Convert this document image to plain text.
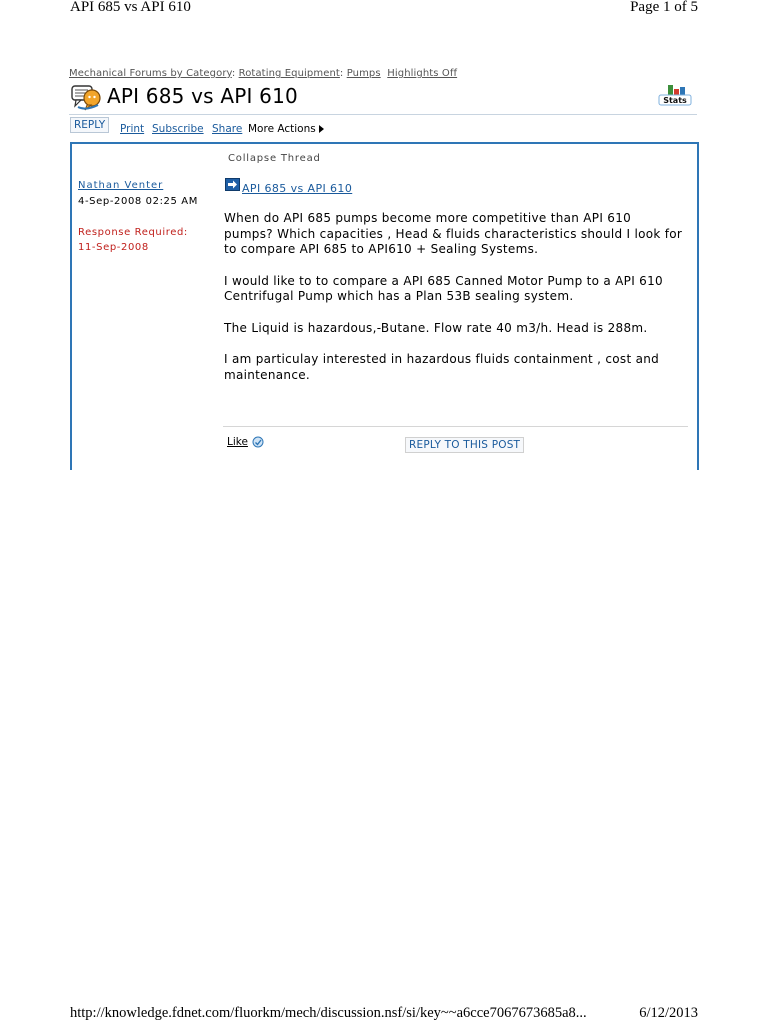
API 685 vs API 610	Page 1 of 5
Mechanical Forums by Category: Rotating Equipment: Pumps Highlights Off
API 685 vs API 610	Stats
REPLY	Print Subscribe Share More Actions
Collapse Thread
Nathan Venter
4-Sep-2008 02:25 AM
Response Required:
11-Sep-2008
API 685 vs API 610

When do API 685 pumps become more competitive than API 610 pumps? Which capacities , Head & fluids characteristics should I look for to compare API 685 to API610 + Sealing Systems.

I would like to to compare a API 685 Canned Motor Pump to a API 610 Centrifugal Pump which has a Plan 53B sealing system.

The Liquid is hazardous,-Butane. Flow rate 40 m3/h. Head is 288m.

I am particulay interested in hazardous fluids containment , cost and maintenance.

Like	REPLY TO THIS POST
http://knowledge.fdnet.com/fluorkm/mech/discussion.nsf/si/key~~a6cce7067673685a8...	6/12/2013
